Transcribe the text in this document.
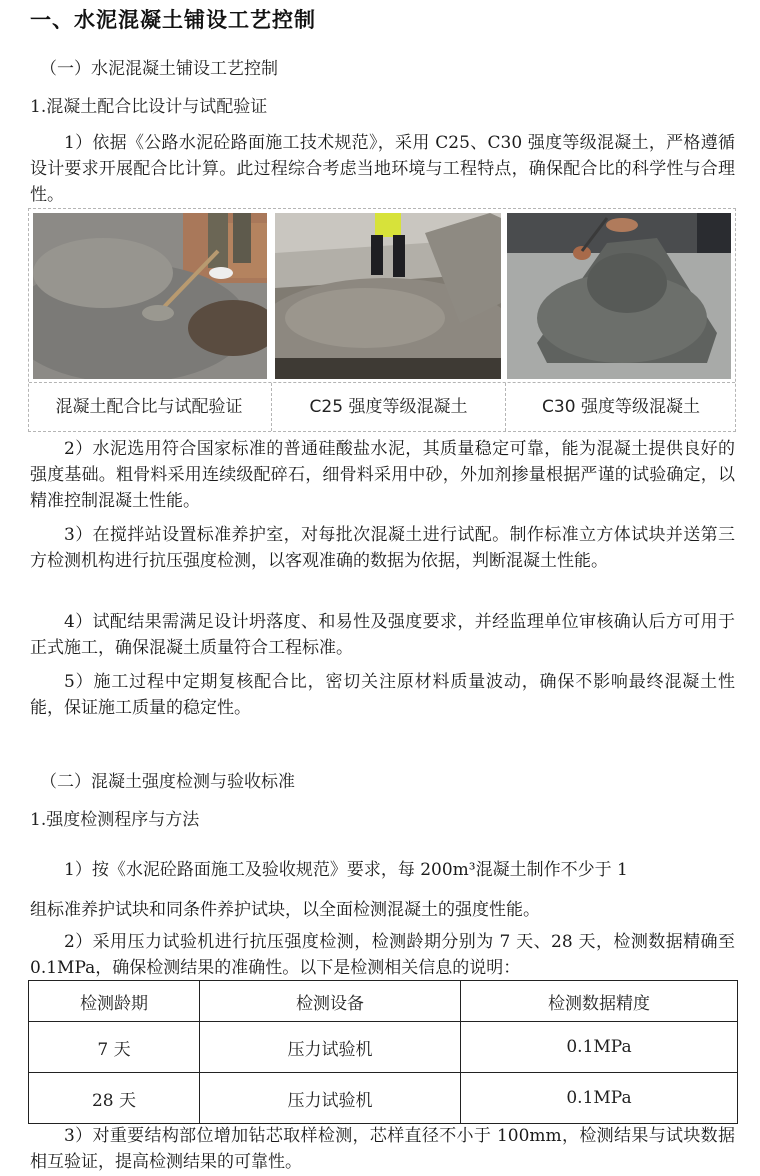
一、水泥混凝土铺设工艺控制
（一）水泥混凝土铺设工艺控制
1.混凝土配合比设计与试配验证
1）依据《公路水泥砼路面施工技术规范》，采用 C25、C30 强度等级混凝土，严格遵循设计要求开展配合比计算。此过程综合考虑当地环境与工程特点，确保配合比的科学性与合理性。
混凝土配合比与试配验证	C25 强度等级混凝土	C30 强度等级混凝土
2）水泥选用符合国家标准的普通硅酸盐水泥，其质量稳定可靠，能为混凝土提供良好的强度基础。粗骨料采用连续级配碎石，细骨料采用中砂，外加剂掺量根据严谨的试验确定，以精准控制混凝土性能。
3）在搅拌站设置标准养护室，对每批次混凝土进行试配。制作标准立方体试块并送第三方检测机构进行抗压强度检测，以客观准确的数据为依据，判断混凝土性能。
4）试配结果需满足设计坍落度、和易性及强度要求，并经监理单位审核确认后方可用于正式施工，确保混凝土质量符合工程标准。
5）施工过程中定期复核配合比，密切关注原材料质量波动，确保不影响最终混凝土性能，保证施工质量的稳定性。
（二）混凝土强度检测与验收标准
1.强度检测程序与方法
1）按《水泥砼路面施工及验收规范》要求，每 200m³混凝土制作不少于 1
组标准养护试块和同条件养护试块，以全面检测混凝土的强度性能。
2）采用压力试验机进行抗压强度检测，检测龄期分别为 7 天、28 天，检测数据精确至 0.1MPa，确保检测结果的准确性。以下是检测相关信息的说明：
检测龄期	检测设备	检测数据精度
7 天	压力试验机	0.1MPa
28 天	压力试验机	0.1MPa
3）对重要结构部位增加钻芯取样检测，芯样直径不小于 100mm，检测结果与试块数据相互验证，提高检测结果的可靠性。
